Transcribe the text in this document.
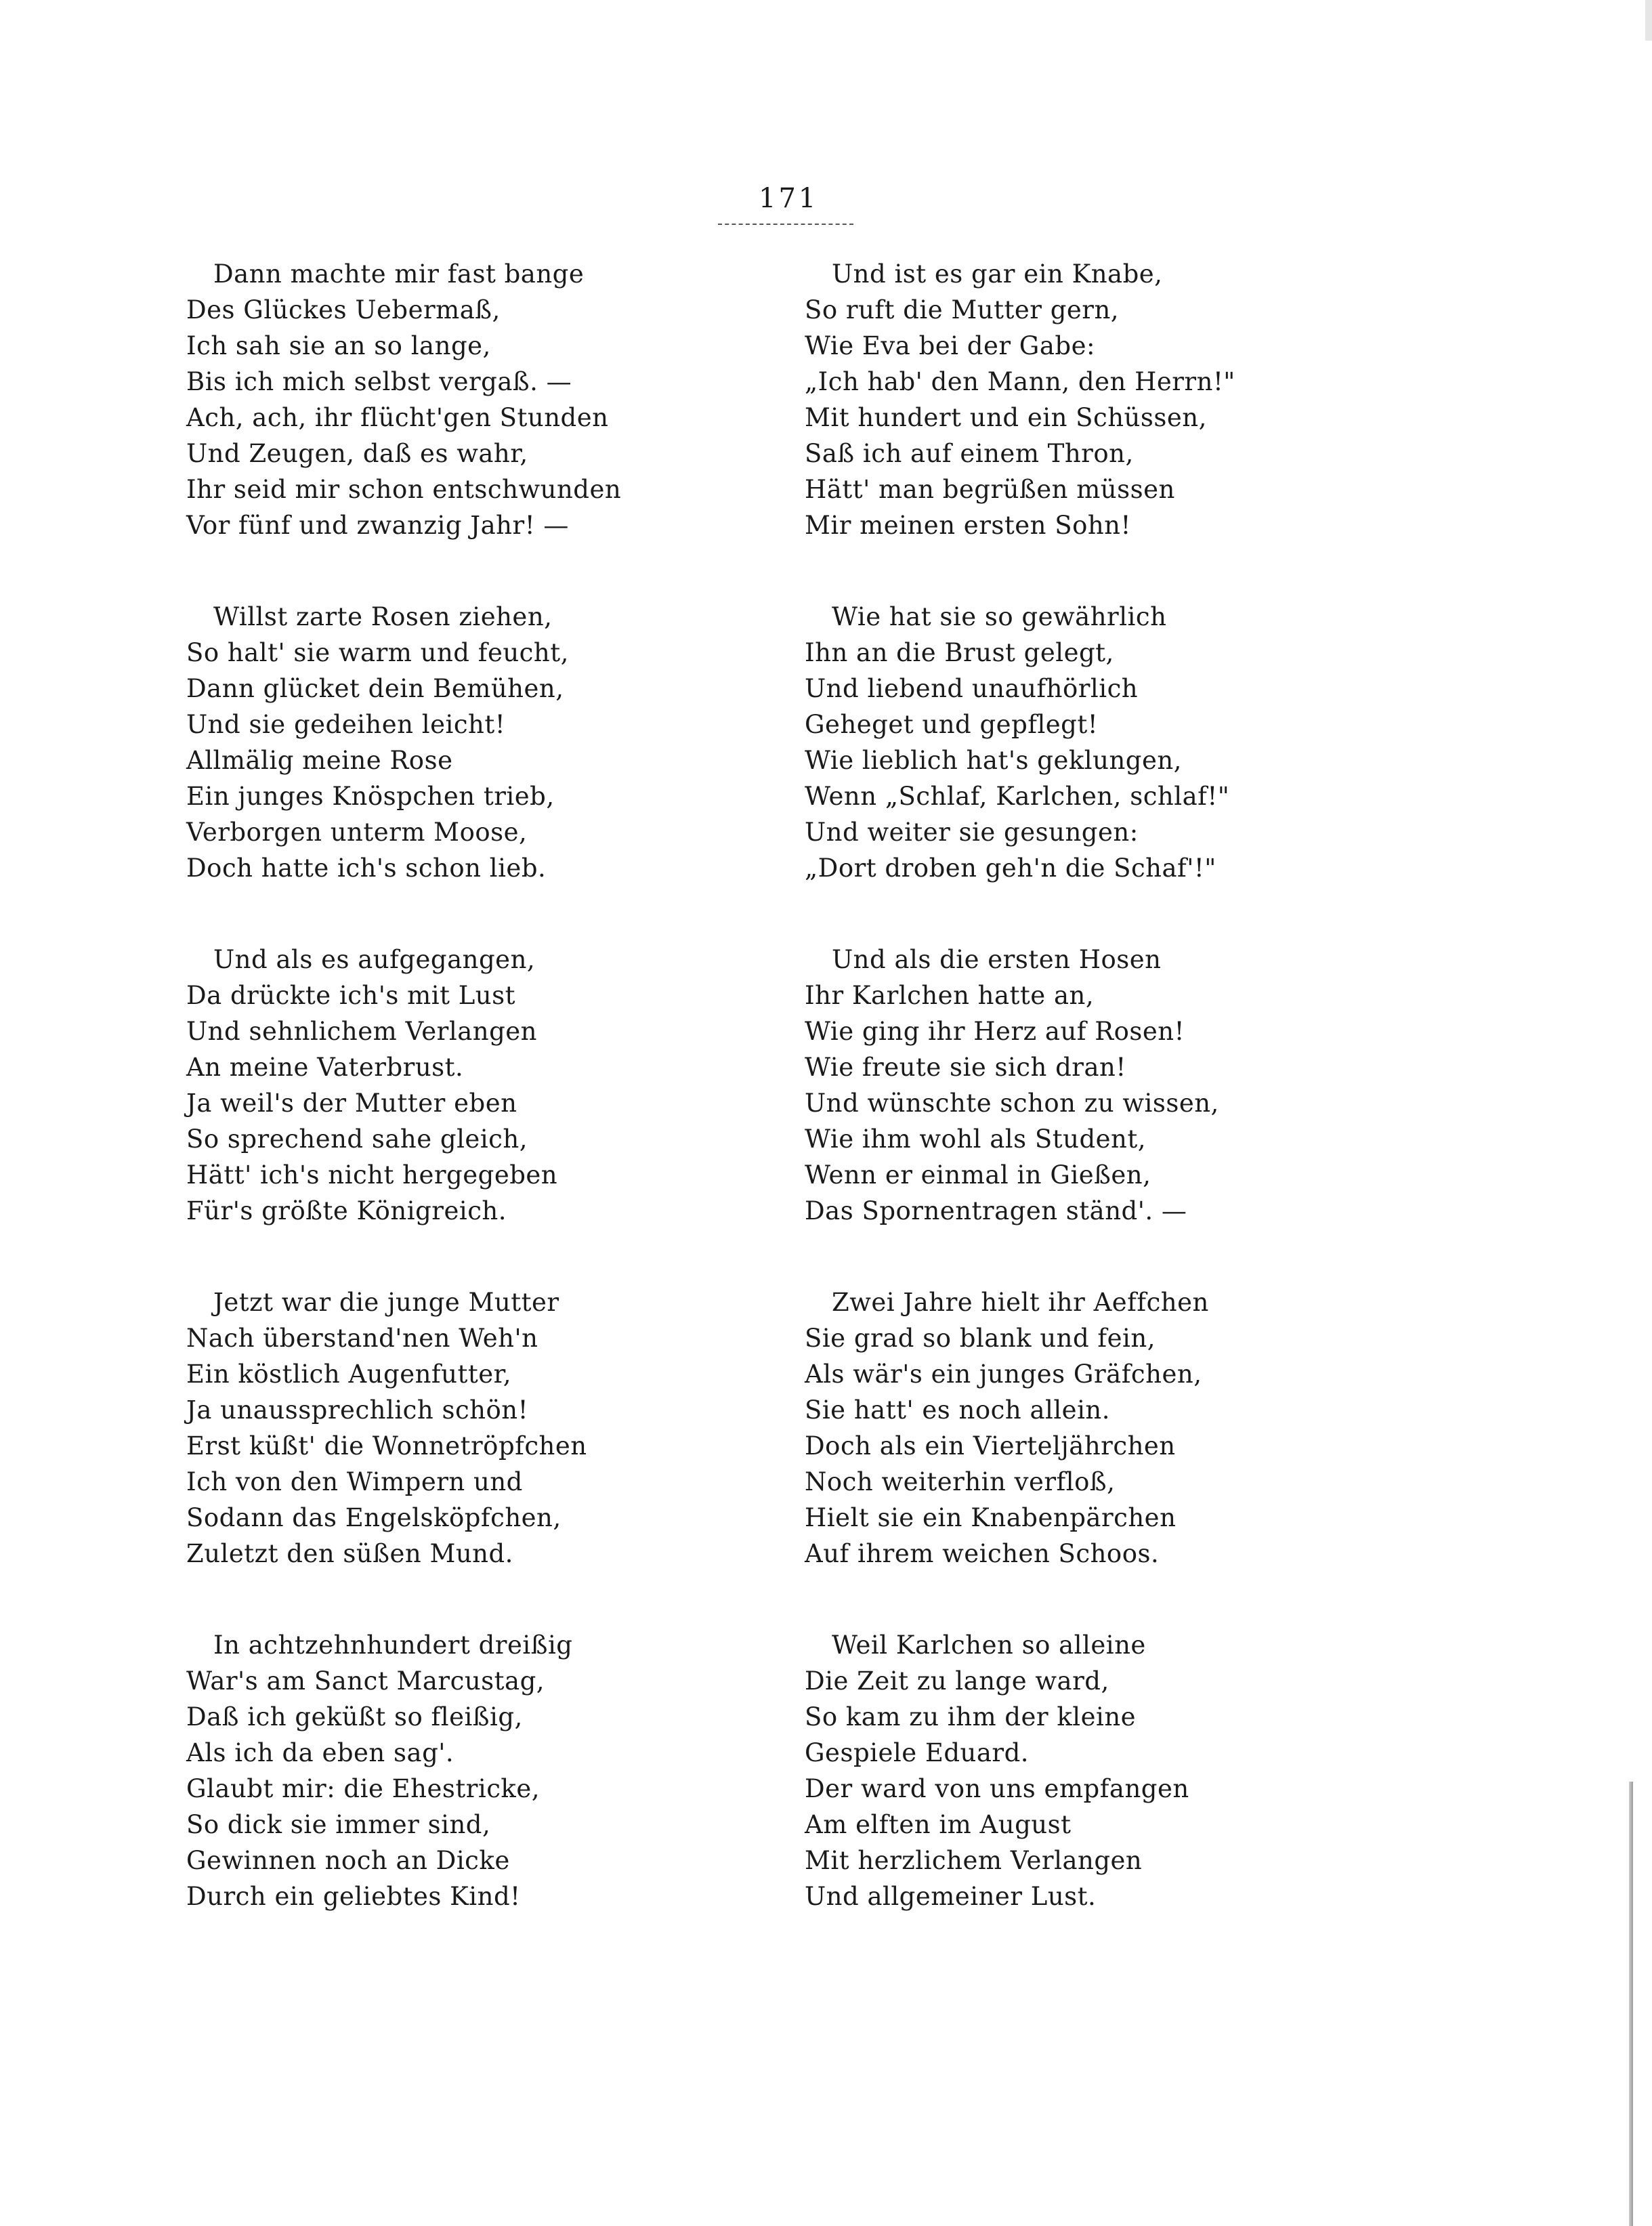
171
Dann machte mir fast bange
Des Glückes Uebermaß,
Ich sah sie an so lange,
Bis ich mich selbst vergaß. —
Ach, ach, ihr flücht'gen Stunden
Und Zeugen, daß es wahr,
Ihr seid mir schon entschwunden
Vor fünf und zwanzig Jahr! —
Willst zarte Rosen ziehen,
So halt' sie warm und feucht,
Dann glücket dein Bemühen,
Und sie gedeihen leicht!
Allmälig meine Rose
Ein junges Knöspchen trieb,
Verborgen unterm Moose,
Doch hatte ich's schon lieb.
Und als es aufgegangen,
Da drückte ich's mit Lust
Und sehnlichem Verlangen
An meine Vaterbrust.
Ja weil's der Mutter eben
So sprechend sahe gleich,
Hätt' ich's nicht hergegeben
Für's größte Königreich.
Jetzt war die junge Mutter
Nach überstand'nen Weh'n
Ein köstlich Augenfutter,
Ja unaussprechlich schön!
Erst küßt' die Wonnetröpfchen
Ich von den Wimpern und
Sodann das Engelsköpfchen,
Zuletzt den süßen Mund.
In achtzehnhundert dreißig
War's am Sanct Marcustag,
Daß ich geküßt so fleißig,
Als ich da eben sag'.
Glaubt mir: die Ehestricke,
So dick sie immer sind,
Gewinnen noch an Dicke
Durch ein geliebtes Kind!
Und ist es gar ein Knabe,
So ruft die Mutter gern,
Wie Eva bei der Gabe:
„Ich hab' den Mann, den Herrn!"
Mit hundert und ein Schüssen,
Saß ich auf einem Thron,
Hätt' man begrüßen müssen
Mir meinen ersten Sohn!
Wie hat sie so gewährlich
Ihn an die Brust gelegt,
Und liebend unaufhörlich
Geheget und gepflegt!
Wie lieblich hat's geklungen,
Wenn „Schlaf, Karlchen, schlaf!"
Und weiter sie gesungen:
„Dort droben geh'n die Schaf'!"
Und als die ersten Hosen
Ihr Karlchen hatte an,
Wie ging ihr Herz auf Rosen!
Wie freute sie sich dran!
Und wünschte schon zu wissen,
Wie ihm wohl als Student,
Wenn er einmal in Gießen,
Das Spornentragen ständ'. —
Zwei Jahre hielt ihr Aeffchen
Sie grad so blank und fein,
Als wär's ein junges Gräfchen,
Sie hatt' es noch allein.
Doch als ein Vierteljährchen
Noch weiterhin verfloß,
Hielt sie ein Knabenpärchen
Auf ihrem weichen Schoos.
Weil Karlchen so alleine
Die Zeit zu lange ward,
So kam zu ihm der kleine
Gespiele Eduard.
Der ward von uns empfangen
Am elften im August
Mit herzlichem Verlangen
Und allgemeiner Lust.
